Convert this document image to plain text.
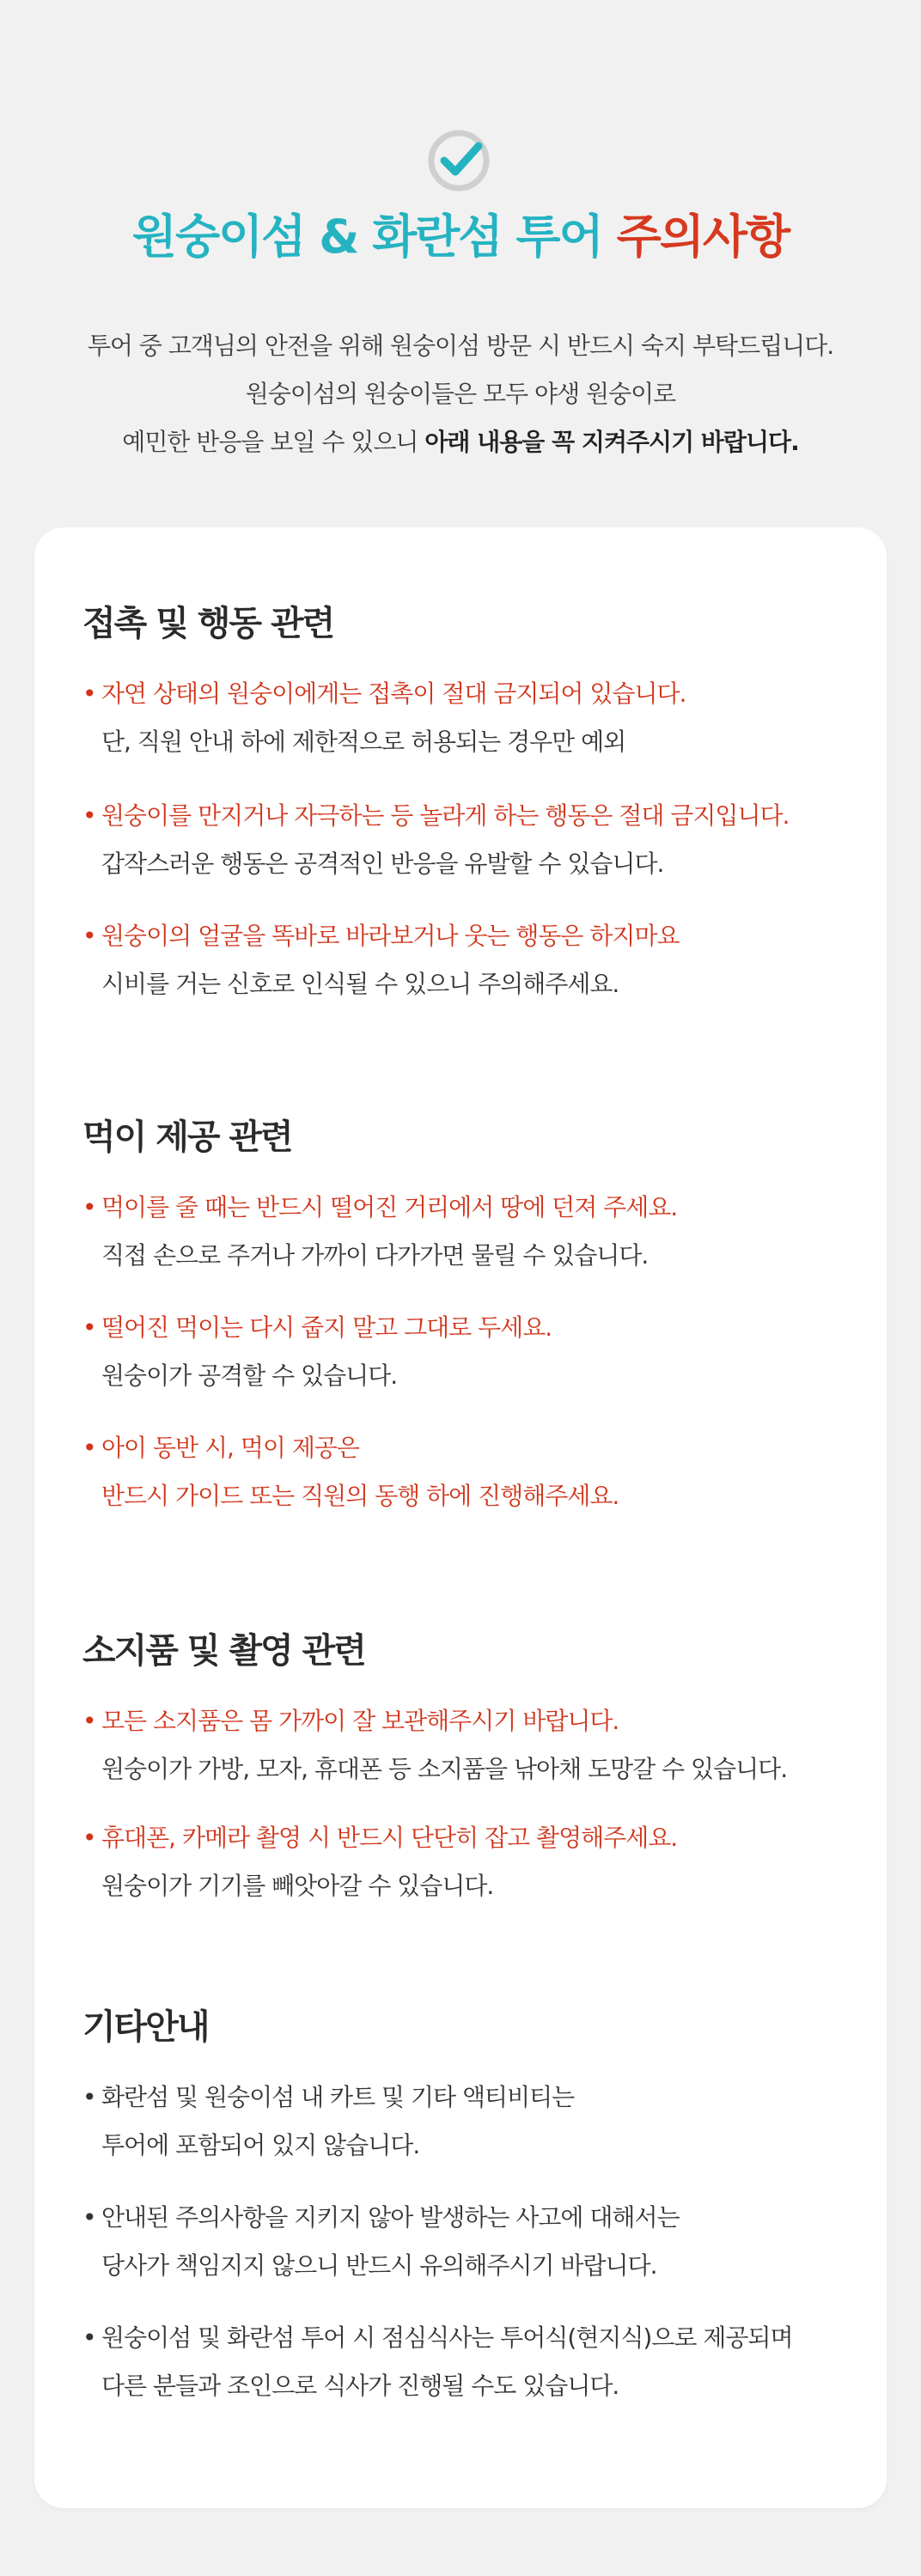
원숭이섬 & 화란섬 투어 주의사항

투어 중 고객님의 안전을 위해 원숭이섬 방문 시 반드시 숙지 부탁드립니다.

원숭이섬의 원숭이들은 모두 야생 원숭이로

예민한 반응을 보일 수 있으니 아래 내용을 꼭 지켜주시기 바랍니다.

접촉 및 행동 관련
• 자연 상태의 원숭이에게는 접촉이 절대 금지되어 있습니다.

단, 직원 안내 하에 제한적으로 허용되는 경우만 예외

• 원숭이를 만지거나 자극하는 등 놀라게 하는 행동은 절대 금지입니다.

갑작스러운 행동은 공격적인 반응을 유발할 수 있습니다.

• 원숭이의 얼굴을 똑바로 바라보거나 웃는 행동은 하지마요

시비를 거는 신호로 인식될 수 있으니 주의해주세요.

먹이 제공 관련
• 먹이를 줄 때는 반드시 떨어진 거리에서 땅에 던져 주세요.

직접 손으로 주거나 가까이 다가가면 물릴 수 있습니다.

• 떨어진 먹이는 다시 줍지 말고 그대로 두세요.

원숭이가 공격할 수 있습니다.

• 아이 동반 시, 먹이 제공은

반드시 가이드 또는 직원의 동행 하에 진행해주세요.

소지품 및 촬영 관련
• 모든 소지품은 몸 가까이 잘 보관해주시기 바랍니다.

원숭이가 가방, 모자, 휴대폰 등 소지품을 낚아채 도망갈 수 있습니다.

• 휴대폰, 카메라 촬영 시 반드시 단단히 잡고 촬영해주세요.

원숭이가 기기를 빼앗아갈 수 있습니다.

기타안내
• 화란섬 및 원숭이섬 내 카트 및 기타 액티비티는

투어에 포함되어 있지 않습니다.

• 안내된 주의사항을 지키지 않아 발생하는 사고에 대해서는

당사가 책임지지 않으니 반드시 유의해주시기 바랍니다.

• 원숭이섬 및 화란섬 투어 시 점심식사는 투어식(현지식)으로 제공되며

다른 분들과 조인으로 식사가 진행될 수도 있습니다.
